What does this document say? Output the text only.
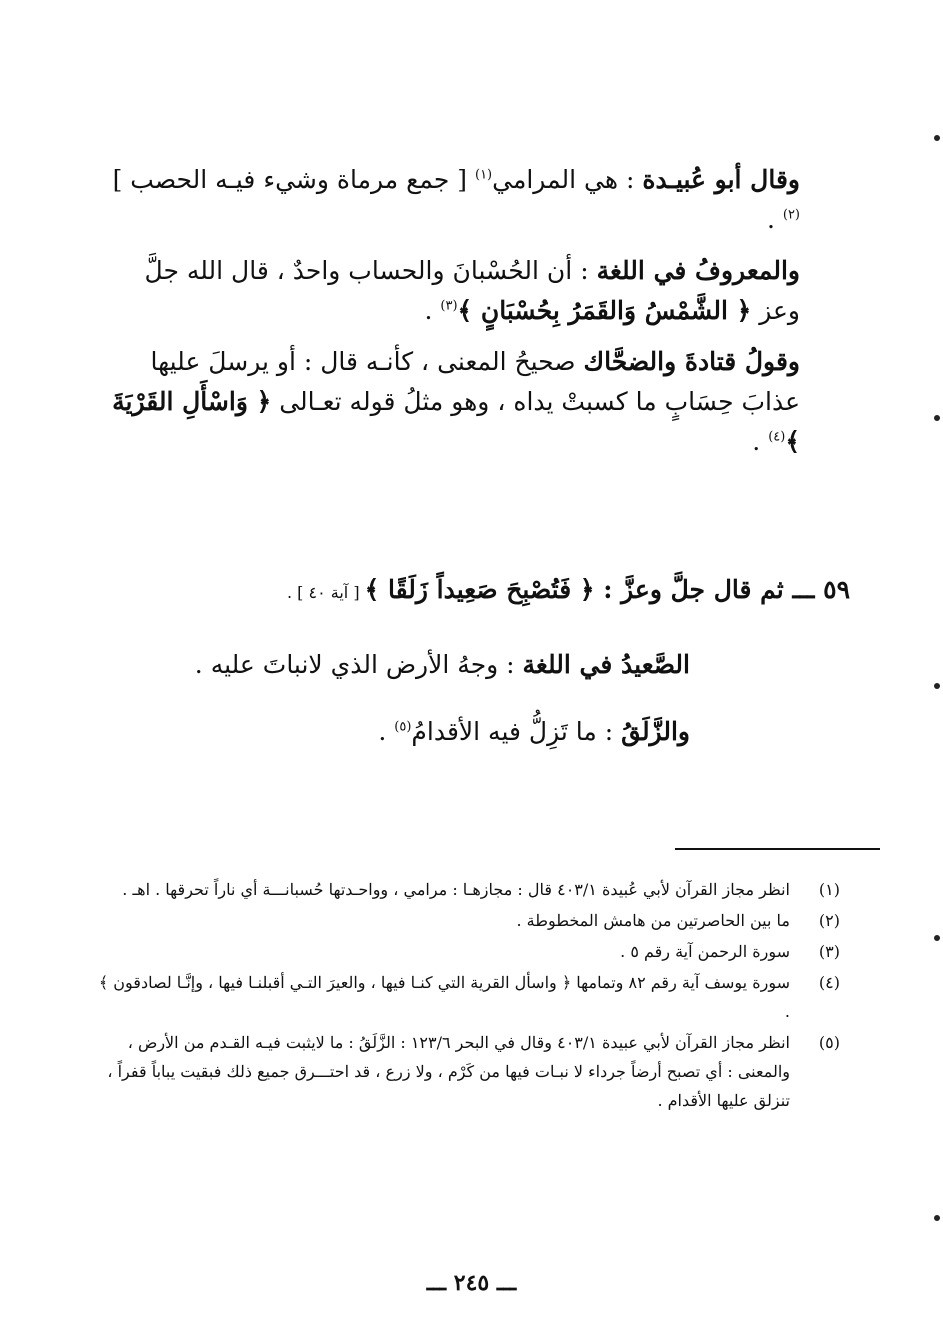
وقال أبو عُبيـدة : هي المرامي$^{(١)}$ [ جمع مرماة وشيء فيـه الحصب ]$^{(٢)}$ .

والمعروفُ في اللغة : أن الحُسْبانَ والحساب واحدٌ ، قال الله جلَّ وعز ﴿ الشَّمْسُ وَالقَمَرُ بِحُسْبَانٍ ﴾$^{(٣)}$ .

وقولُ قتادةَ والضحَّاك صحيحُ المعنى ، كأنـه قال : أو يرسلَ عليها عذابَ حِسَابٍ ما كسبتْ يداه ، وهو مثلُ قوله تعـالى ﴿ وَاسْأَلِ القَرْيَةَ ﴾$^{(٤)}$ .

٥٩ ـــ ثم قال جلَّ وعزَّ : ﴿ فَتُصْبِحَ صَعِيداً زَلَقًا ﴾ [ آية ٤٠ ] .
الصَّعيدُ في اللغة : وجهُ الأرض الذي لانباتَ عليه .
والزَّلَقُ : ما تَزِلُّ فيه الأقدامُ$^{(٥)}$ .
(١)
انظر مجاز القرآن لأبي عُبيدة ٤٠٣/١ قال : مجازهـا : مرامي ، وواحـدتها حُسبانـــة أي ناراً تحرقها . اهـ .
(٢)
ما بين الحاصرتين من هامش المخطوطة .
(٣)
سورة الرحمن آية رقم ٥ .
(٤)
سورة يوسف آية رقم ٨٢ وتمامها ﴿ واسأل القرية التي كنـا فيها ، والعيرَ التـي أقبلنـا فيها ، وإنَّـا لصادقون ﴾ .
(٥)
انظر مجاز القرآن لأبي عبيدة ٤٠٣/١ وقال في البحر ١٢٣/٦ : الزَّلَقُ : ما لايثبت فيـه القـدم من الأرض ، والمعنى : أي تصبح أرضاً جرداء لا نبـات فيها من كَرْم ، ولا زرع ، قد احتـــرق جميع ذلك فبقيت يباباً قفراً ، تنزلق عليها الأقدام .
ـــ ٢٤٥ ـــ
